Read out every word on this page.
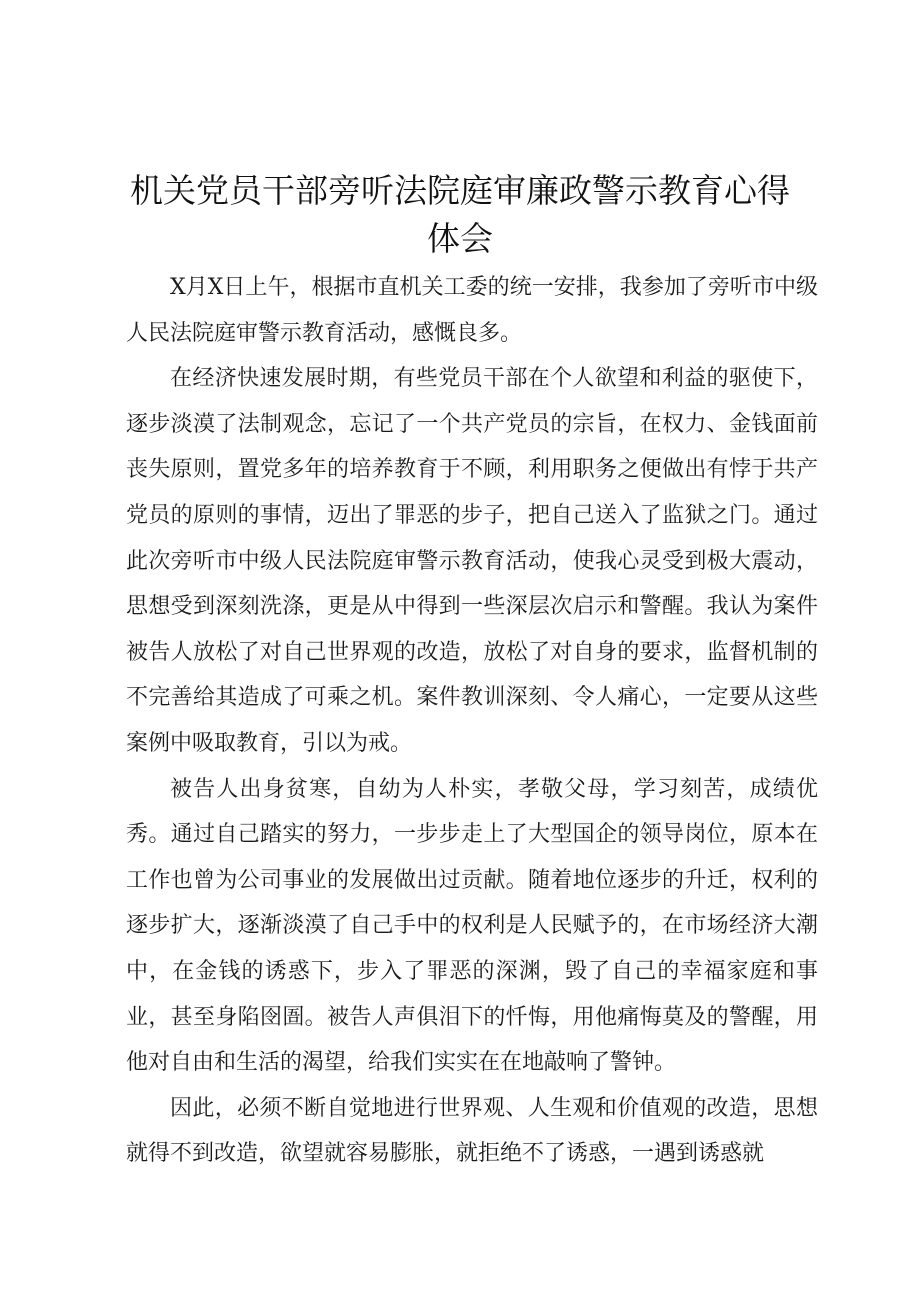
机关党员干部旁听法院庭审廉政警示教育心得
体会

X月X日上午，根据市直机关工委的统一安排，我参加了旁听市中级人民法院庭审警示教育活动，感慨良多。

在经济快速发展时期，有些党员干部在个人欲望和利益的驱使下，逐步淡漠了法制观念，忘记了一个共产党员的宗旨，在权力、金钱面前丧失原则，置党多年的培养教育于不顾，利用职务之便做出有悖于共产党员的原则的事情，迈出了罪恶的步子，把自己送入了监狱之门。通过此次旁听市中级人民法院庭审警示教育活动，使我心灵受到极大震动，思想受到深刻洗涤，更是从中得到一些深层次启示和警醒。我认为案件被告人放松了对自己世界观的改造，放松了对自身的要求，监督机制的不完善给其造成了可乘之机。案件教训深刻、令人痛心，一定要从这些案例中吸取教育，引以为戒。

被告人出身贫寒，自幼为人朴实，孝敬父母，学习刻苦，成绩优秀。通过自己踏实的努力，一步步走上了大型国企的领导岗位，原本在工作也曾为公司事业的发展做出过贡献。随着地位逐步的升迁，权利的逐步扩大，逐渐淡漠了自己手中的权利是人民赋予的，在市场经济大潮中，在金钱的诱惑下，步入了罪恶的深渊，毁了自己的幸福家庭和事业，甚至身陷囹圄。被告人声俱泪下的忏悔，用他痛悔莫及的警醒，用他对自由和生活的渴望，给我们实实在在地敲响了警钟。

因此，必须不断自觉地进行世界观、人生观和价值观的改造，思想就得不到改造，欲望就容易膨胀，就拒绝不了诱惑，一遇到诱惑就
